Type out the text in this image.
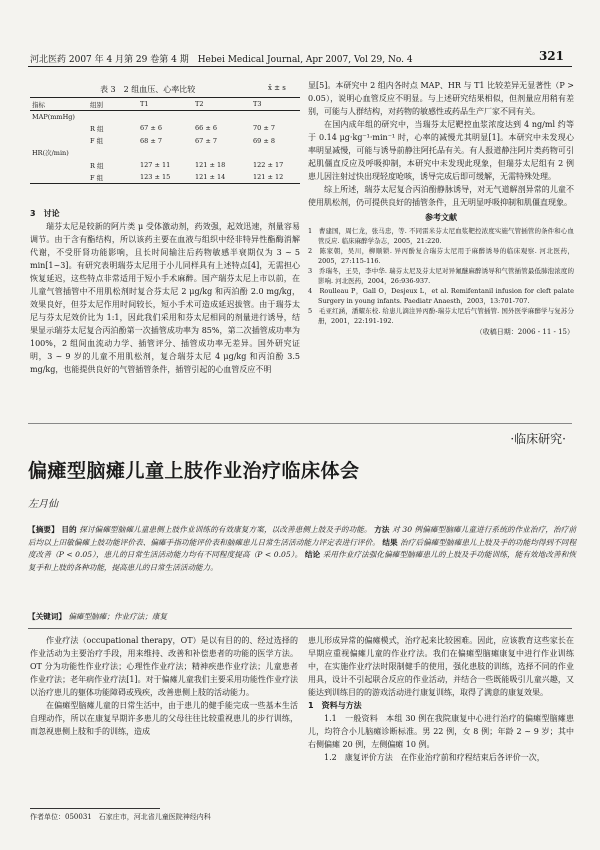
河北医药 2007 年 4 月第 29 卷第 4 期　Hebei Medical Journal, Apr 2007, Vol 29, No. 4	321
表 3　2 组血压、心率比较	x̄ ± s
指标	组别	T1	T2	T3
MAP(mmHg)				
	R 组	67 ± 6	66 ± 6	70 ± 7
	F 组	68 ± 7	67 ± 7	69 ± 8
HR(次/min)				
	R 组	127 ± 11	121 ± 18	122 ± 17
	F 组	123 ± 15	121 ± 14	121 ± 12
3　讨论

瑞芬太尼是较新的阿片类 μ 受体激动剂，药效强，起效迅速，剂量容易调节。由于含有酯结构，所以该药主要在血液与组织中经非特异性酯酶消解代谢，不受肝肾功能影响，且长时间输注后药物敏感半衰期仅为 3 ~ 5 min[1~3]。有研究表明瑞芬太尼用于小儿同样具有上述特点[4]，无需担心恢复延迟，这些特点非常适用于短小手术麻醉。国产瑞芬太尼上市以前，在儿童气管插管中不用肌松剂时复合芬太尼 2 μg/kg 和丙泊酚 2.0 mg/kg，效果良好，但芬太尼作用时间较长，短小手术可造成延迟拔管。由于瑞芬太尼与芬太尼效价比为 1:1，因此我们采用和芬太尼相同的剂量进行诱导，结果显示瑞芬太尼复合丙泊酚第一次插管成功率为 85%，第二次插管成功率为 100%，2 组间血流动力学、插管评分、插管成功率无差异。国外研究证明，3 ~ 9 岁的儿童不用肌松剂，复合瑞芬太尼 4 μg/kg 和丙泊酚 3.5 mg/kg，也能提供良好的气管插管条件，插管引起的心血管反应不明

显[5]。本研究中 2 组内各时点 MAP、HR 与 T1 比较差异无显著性（P > 0.05），说明心血管反应不明显。与上述研究结果相似，但剂量应用稍有差别，可能与人群结构，对药物的敏感性或药品生产厂家不同有关。

在国内成年组的研究中，当瑞芬太尼靶控血浆浓度达到 4 ng/ml 约等于 0.14 μg·kg⁻¹·min⁻¹ 时，心率的减慢尤其明显[1]。本研究中未发现心率明显减慢，可能与诱导前静注阿托品有关。有人报道静注阿片类药物可引起肌僵直反应及呼吸抑制，本研究中未发现此现象，但瑞芬太尼组有 2 例患儿因注射过快出现轻度呛咳，诱导完成后即可缓解，无需特殊处理。

综上所述，瑞芬太尼复合丙泊酚静脉诱导，对无气道解剖异常的儿童不使用肌松剂，仍可提供良好的插管条件，且无明显呼吸抑制和肌僵直现象。

参考文献
1　曹建国，周仁龙，张马忠，等. 不同雷米芬太尼血浆靶控浓度实施气管插管的条件和心血管反应. 临床麻醉学杂志，2005，21:220.
2　陈家朝，吴川，柳顺锁. 异丙酚复合瑞芬太尼用于麻醉诱导的临床观察. 河北医药，2005，27:115-116.
3　乔瑞冬，王昊，李中华. 瑞芬太尼及芬太尼对异氟醚麻醉诱导和气管插管最低肺泡浓度的影响. 河北医药，2004，26:936-937.
4　Roulleau P，Gall O，Desjeux L，et al. Remifentanil infusion for cleft palate Surgery in young infants. Paediatr Anaesth，2003，13:701-707.
5　毛亚红涵，潘耀东校. 给患儿滴注异丙酚-瑞芬太尼后气管插管. 国外医学麻醉学与复苏分册，2001，22:191-192.
（收稿日期：2006 - 11 - 15）
·临床研究·
偏瘫型脑瘫儿童上肢作业治疗临床体会
左月仙
【摘要】 目的 探讨偏瘫型脑瘫儿童患侧上肢作业训练的有效康复方案，以改善患侧上肢及手的功能。 方法 对 30 例偏瘫型脑瘫儿童进行系统的作业治疗，治疗前后均以上田敏偏瘫上肢功能评价表、偏瘫手指功能评价表和脑瘫患儿日常生活活动能力评定表进行评价。 结果 治疗后偏瘫型脑瘫患儿上肢及手的功能均得到不同程度改善（P < 0.05），患儿的日常生活活动能力均有不同程度提高（P < 0.05）。 结论 采用作业疗法强化偏瘫型脑瘫患儿的上肢及手功能训练，能有效地改善和恢复手和上肢的各种功能，提高患儿的日常生活活动能力。
【关键词】 偏瘫型脑瘫；作业疗法；康复

作业疗法（occupational therapy，OT）是以有目的的、经过选择的作业活动为主要治疗手段，用来维持、改善和补偿患者的功能的医学方法。OT 分为功能性作业疗法；心理性作业疗法；精神疾患作业疗法；儿童患者作业疗法；老年病作业疗法[1]。对于偏瘫儿童我们主要采用功能性作业疗法以治疗患儿的躯体功能障碍或残疾，改善患侧上肢的活动能力。

在偏瘫型脑瘫儿童的日常生活中，由于患儿的健手能完成一些基本生活自理动作，所以在康复早期许多患儿的父母往往比较重视患儿的步行训练，而忽视患侧上肢和手的训练，造成

患儿形成异常的偏瘫模式，治疗起来比较困难。因此，应该教育这些家长在早期应重视偏瘫儿童的作业疗法。我们在偏瘫型脑瘫康复中进行作业训练中，在实施作业疗法时限制健手的使用，强化患肢的训练，选择不同的作业用具，设计不引起联合反应的作业活动，并结合一些既能吸引儿童兴趣，又能达到训练目的的游戏活动进行康复训练，取得了满意的康复效果。

1　资料与方法

1.1　一般资料　本组 30 例在我院康复中心进行治疗的偏瘫型脑瘫患儿，均符合小儿脑瘫诊断标准。男 22 例，女 8 例；年龄 2 ~ 9 岁；其中右侧偏瘫 20 例，左侧偏瘫 10 例。

1.2　康复评价方法　在作业治疗前和疗程结束后各评价一次，

作者单位：050031　石家庄市，河北省儿童医院神经内科
